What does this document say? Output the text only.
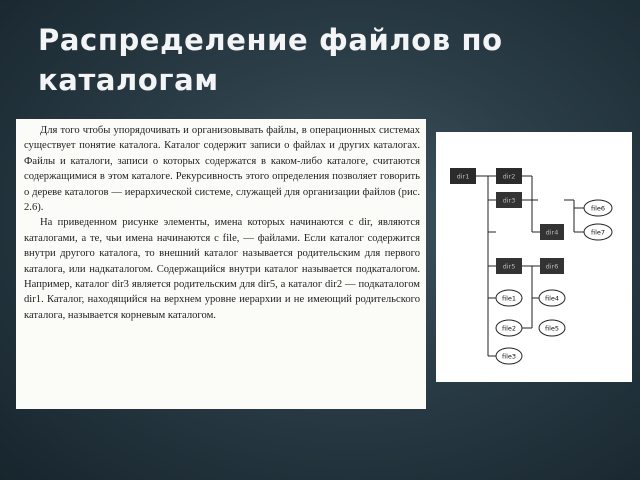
Распределение файлов по каталогам

Для того чтобы упорядочивать и организовывать файлы, в операционных системах существует понятие каталога. Каталог содержит записи о файлах и других каталогах. Файлы и каталоги, записи о которых содержатся в каком-либо каталоге, считаются содержащимися в этом каталоге. Рекурсивность этого определения позволяет говорить о дереве каталогов — иерархической системе, служащей для организации файлов (рис. 2.6).

На приведенном рисунке элементы, имена которых начинаются с dir, являются каталогами, а те, чьи имена начинаются с file, — файлами. Если каталог содержится внутри другого каталога, то внешний каталог называется родительским для первого каталога, или надкаталогом. Содержащийся внутри каталог называется подкаталогом. Например, каталог dir3 является родительским для dir5, а каталог dir2 — подкаталогом dir1. Каталог, находящийся на верхнем уровне иерархии и не имеющий родительского каталога, называется корневым каталогом.

dir1	dir2
dir3
dir4
dir5	dir6
file6
file7
file1	file4
file2	file5
file3
